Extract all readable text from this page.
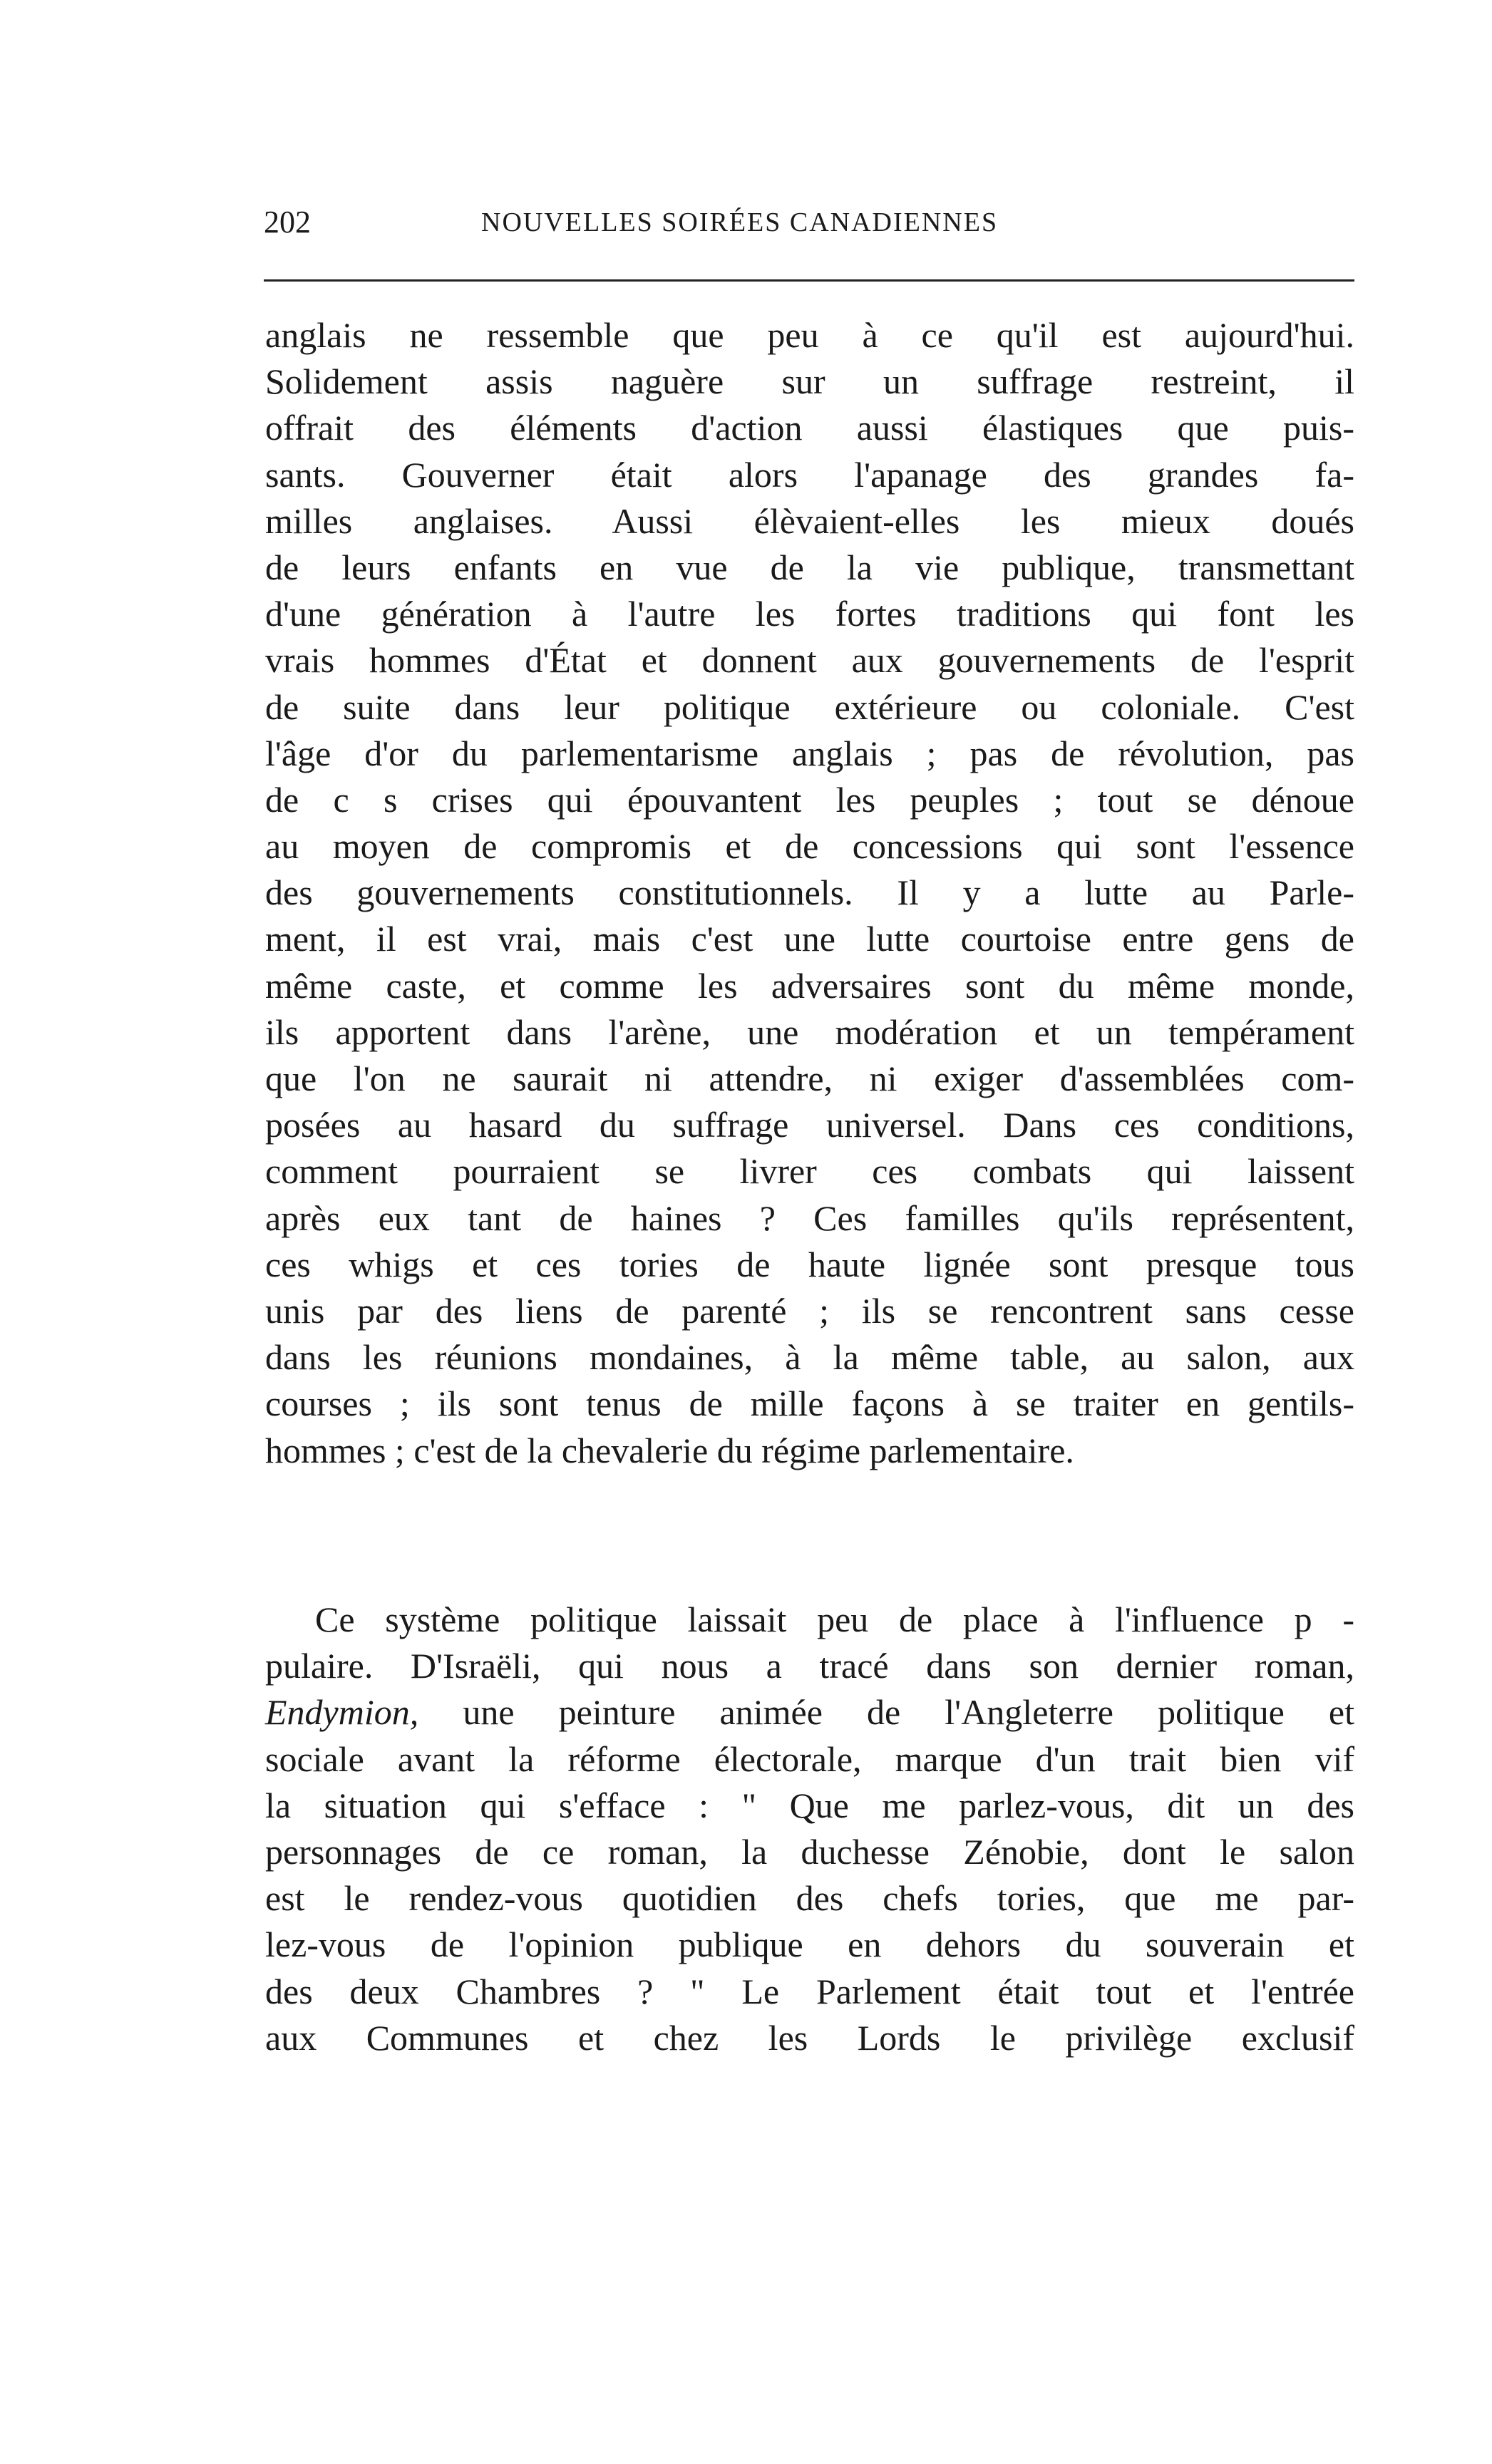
202	NOUVELLES SOIRÉES CANADIENNES
anglais ne ressemble que peu à ce qu'il est aujourd'hui.
Solidement assis naguère sur un suffrage restreint, il
offrait des éléments d'action aussi élastiques que puis-
sants. Gouverner était alors l'apanage des grandes fa-
milles anglaises. Aussi élèvaient-elles les mieux doués
de leurs enfants en vue de la vie publique, transmettant
d'une génération à l'autre les fortes traditions qui font les
vrais hommes d'État et donnent aux gouvernements de l'esprit
de suite dans leur politique extérieure ou coloniale. C'est
l'âge d'or du parlementarisme anglais ; pas de révolution, pas
de c s crises qui épouvantent les peuples ; tout se dénoue
au moyen de compromis et de concessions qui sont l'essence
des gouvernements constitutionnels. Il y a lutte au Parle-
ment, il est vrai, mais c'est une lutte courtoise entre gens de
même caste, et comme les adversaires sont du même monde,
ils apportent dans l'arène, une modération et un tempérament
que l'on ne saurait ni attendre, ni exiger d'assemblées com-
posées au hasard du suffrage universel. Dans ces conditions,
comment pourraient se livrer ces combats qui laissent
après eux tant de haines ? Ces familles qu'ils représentent,
ces whigs et ces tories de haute lignée sont presque tous
unis par des liens de parenté ; ils se rencontrent sans cesse
dans les réunions mondaines, à la même table, au salon, aux
courses ; ils sont tenus de mille façons à se traiter en gentils-
hommes ; c'est de la chevalerie du régime parlementaire.
Ce système politique laissait peu de place à l'influence p -
pulaire. D'Israëli, qui nous a tracé dans son dernier roman,
Endymion, une peinture animée de l'Angleterre politique et
sociale avant la réforme électorale, marque d'un trait bien vif
la situation qui s'efface : " Que me parlez-vous, dit un des
personnages de ce roman, la duchesse Zénobie, dont le salon
est le rendez-vous quotidien des chefs tories, que me par-
lez-vous de l'opinion publique en dehors du souverain et
des deux Chambres ? " Le Parlement était tout et l'entrée
aux Communes et chez les Lords le privilège exclusif
